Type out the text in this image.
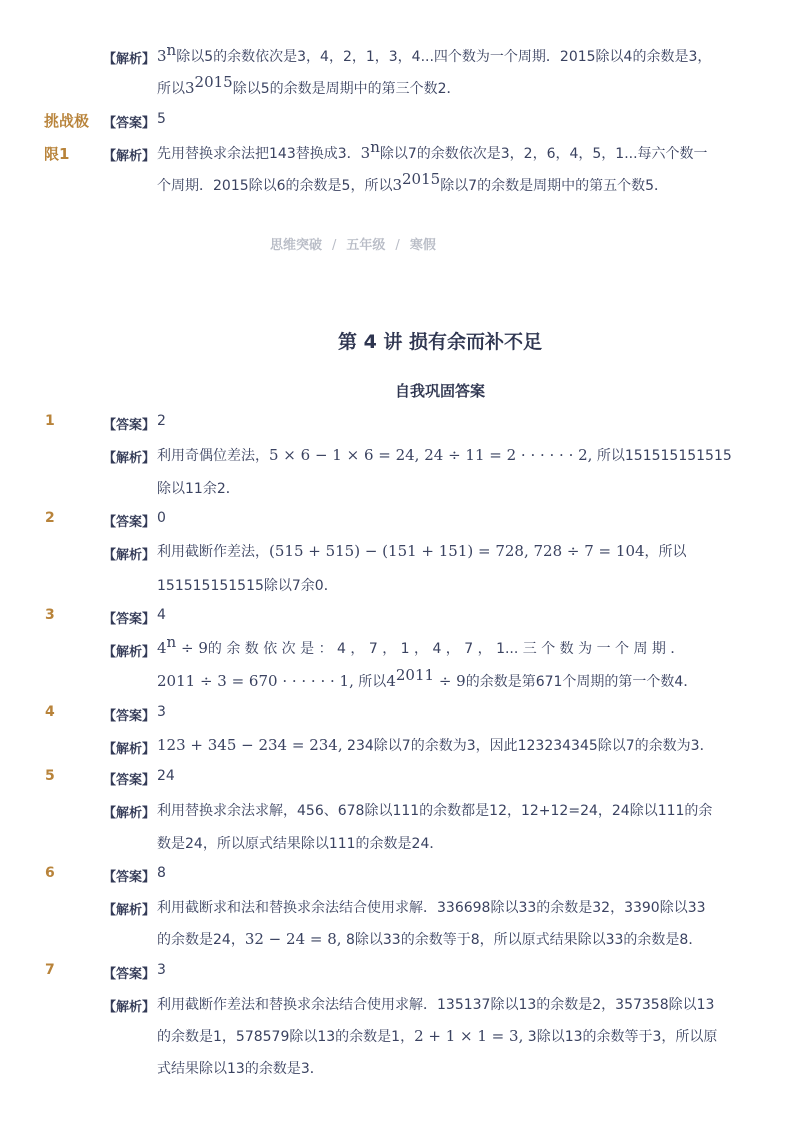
【解析】 3$^n$除以5的余数依次是3，4，2，1，3，4...四个数为一个周期．2015除以4的余数是3，
所以$3^{2015}$除以5的余数是周期中的第三个数2．
挑战极
限1
【答案】 5
【解析】 先用替换求余法把143替换成3．3$^n$除以7的余数依次是3，2，6，4，5，1...每六个数一
个周期．2015除以6的余数是5，所以$3^{2015}$除以7的余数是周期中的第五个数5．
思维突破 / 五年级 / 寒假
第 4 讲 损有余而补不足
自我巩固答案
1	【答案】 2
【解析】 利用奇偶位差法，5 × 6 − 1 × 6 = 24, 24 ÷ 11 = 2 · · · · · · 2, 所以151515151515
除以11余2．
2	【答案】 0
【解析】 利用截断作差法，(515 + 515) − (151 + 151) = 728, 728 ÷ 7 = 104，所以
151515151515除以7余0．
3	【答案】 4
【解析】 $4^n \div 9$的 余 数 依 次 是 ： 4 ， 7 ， 1 ， 4 ， 7 ， 1... 三 个 数 为 一 个 周 期 ．
2011 ÷ 3 = 670 · · · · · · 1, 所以$4^{2011} \div 9$的余数是第671个周期的第一个数4．
4	【答案】 3
【解析】 123 + 345 − 234 = 234, 234除以7的余数为3，因此123234345除以7的余数为3．
5	【答案】 24
【解析】 利用替换求余法求解，456、678除以111的余数都是12，12+12=24，24除以111的余
数是24，所以原式结果除以111的余数是24．
6	【答案】 8
【解析】 利用截断求和法和替换求余法结合使用求解．336698除以33的余数是32，3390除以33
的余数是24，32 − 24 = 8, 8除以33的余数等于8，所以原式结果除以33的余数是8．
7	【答案】 3
【解析】 利用截断作差法和替换求余法结合使用求解．135137除以13的余数是2，357358除以13
的余数是1，578579除以13的余数是1，2 + 1 × 1 = 3, 3除以13的余数等于3，所以原
式结果除以13的余数是3．
